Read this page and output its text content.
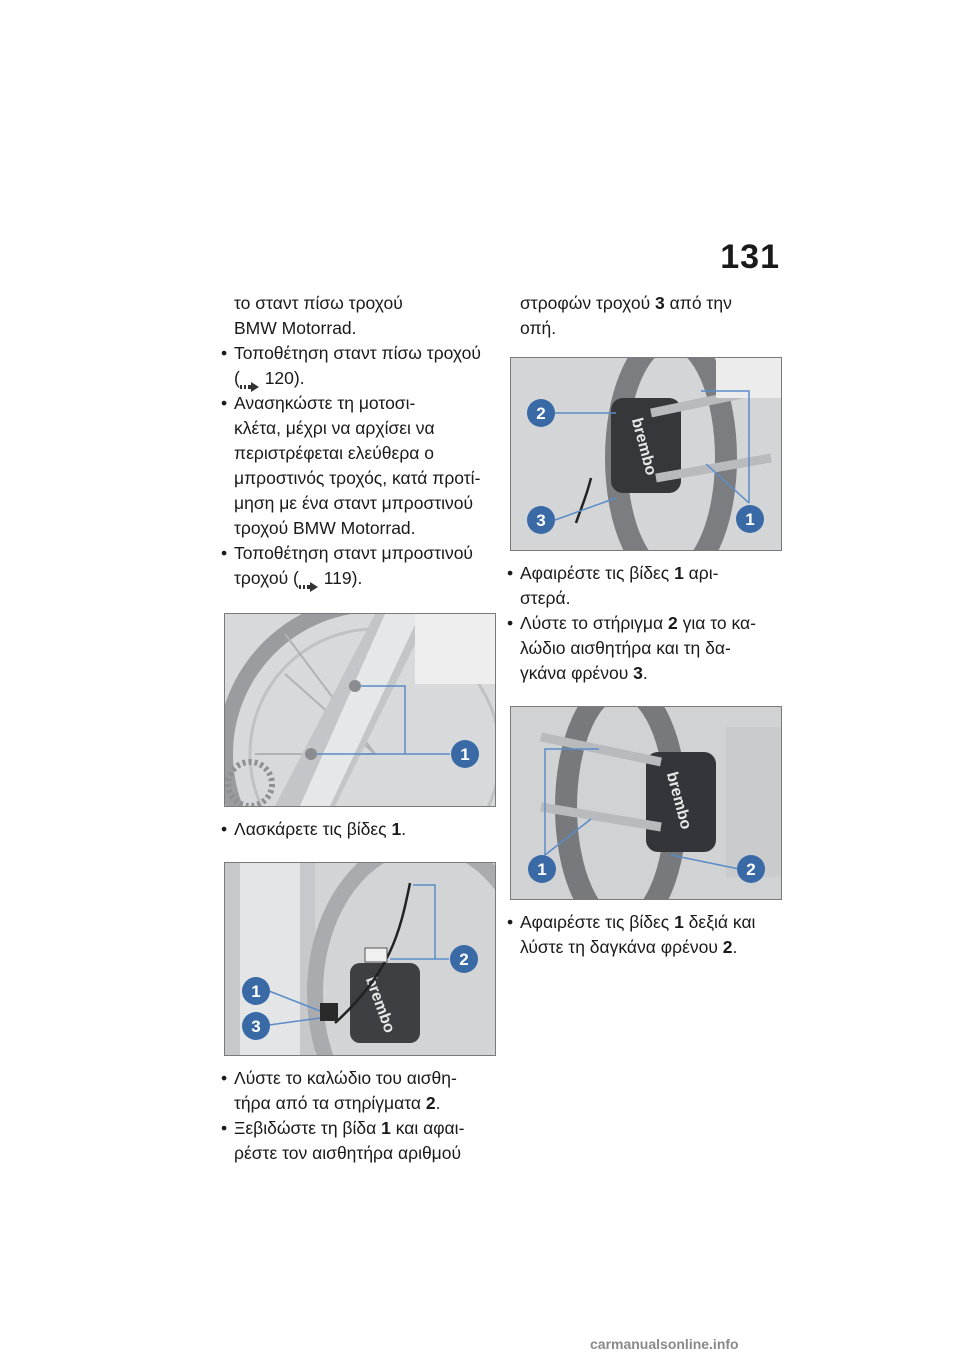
131

το σταντ πίσω τροχού
BMW Motorrad.

• Τοποθέτηση σταντ πίσω τροχού
( 120).

• Ανασηκώστε τη μοτοσι-
κλέτα, μέχρι να αρχίσει να
περιστρέφεται ελεύθερα ο
μπροστινός τροχός, κατά προτί-
μηση με ένα σταντ μπροστινού
τροχού BMW Motorrad.

• Τοποθέτηση σταντ μπροστινού
τροχού ( 119).

1

• Λασκάρετε τις βίδες 1.

brembo
1
3
2

• Λύστε το καλώδιο του αισθη-
τήρα από τα στηρίγματα 2.

• Ξεβιδώστε τη βίδα 1 και αφαι-
ρέστε τον αισθητήρα αριθμού

στροφών τροχού 3 από την
οπή.

brembo
2
3	1

• Αφαιρέστε τις βίδες 1 αρι-
στερά.

• Λύστε το στήριγμα 2 για το κα-
λώδιο αισθητήρα και τη δα-
γκάνα φρένου 3.

brembo
1	2

• Αφαιρέστε τις βίδες 1 δεξιά και
λύστε τη δαγκάνα φρένου 2.

carmanualsonline.info
